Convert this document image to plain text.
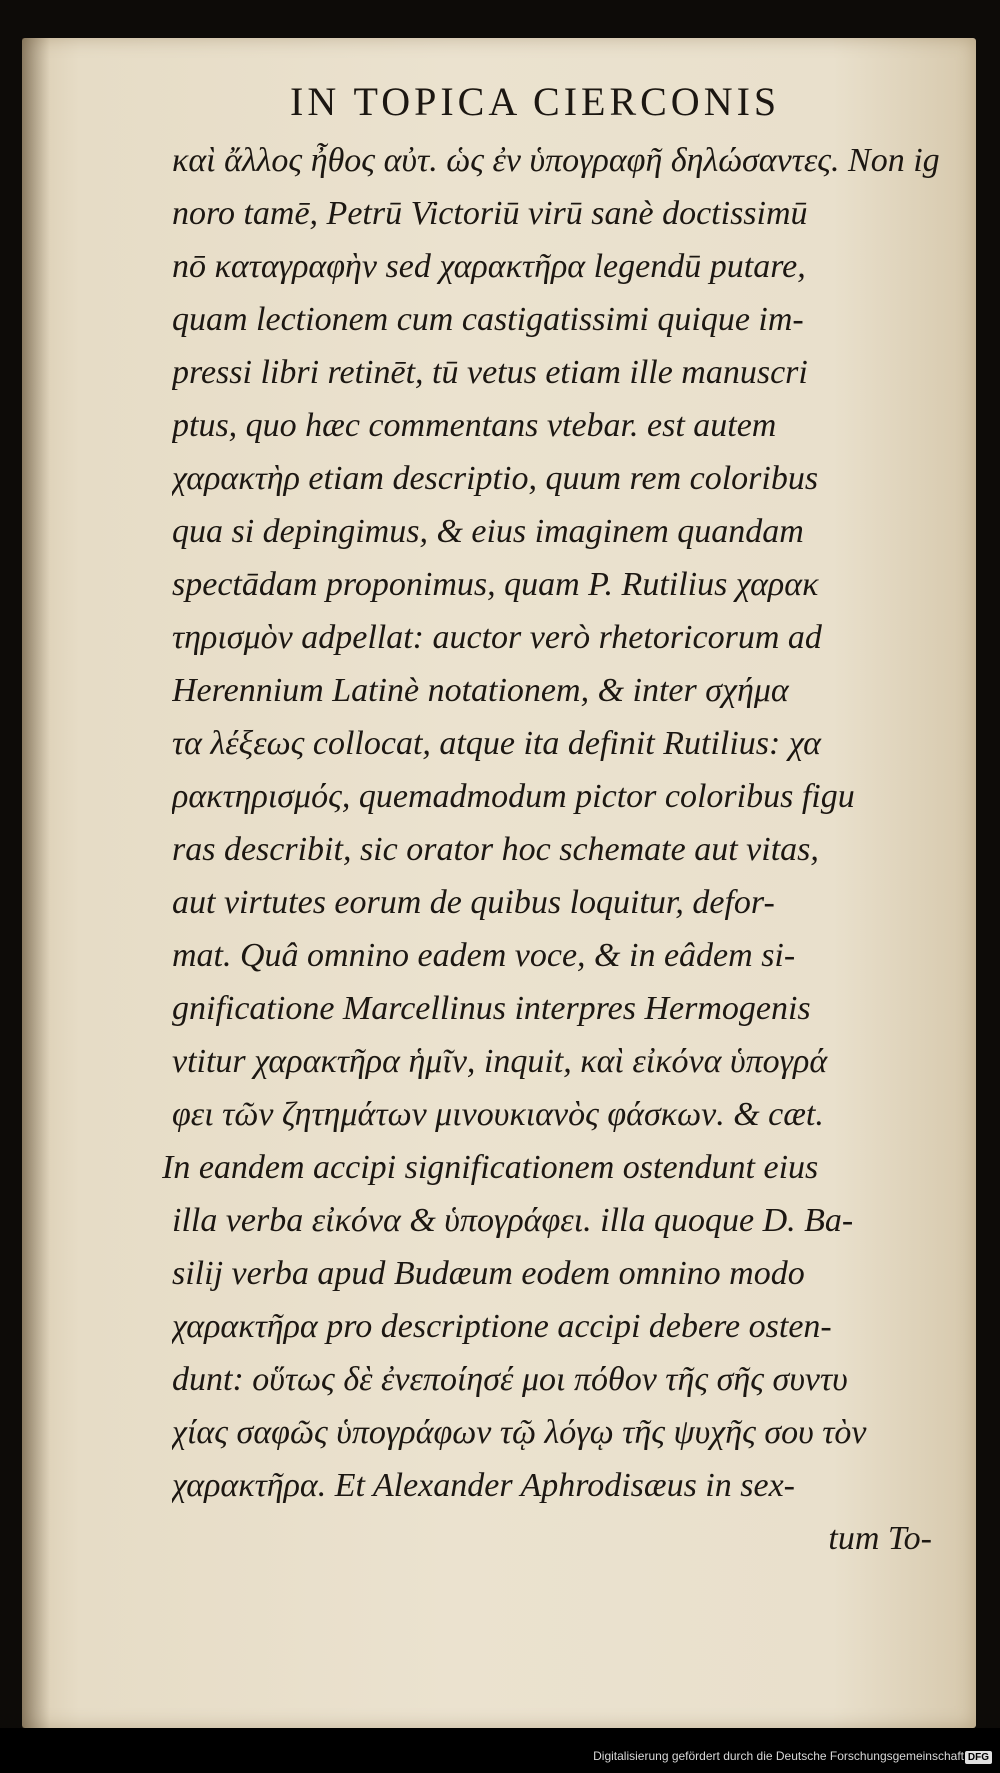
IN TOPICA CIERCONIS
καὶ ἄλλος ἦθος αὐτ. ὡς ἐν ὑπογραφῆ δηλώσαντες. Non ig
noro tamē, Petrū Victoriū virū sanè doctissimū
nō καταγραφὴν sed χαρακτῆρα legendū putare,
quam lectionem cum castigatissimi quique im-
pressi libri retinēt, tū vetus etiam ille manuscri
ptus, quo hæc commentans vtebar. est autem
χαρακτὴρ etiam descriptio, quum rem coloribus
qua si depingimus, & eius imaginem quandam
spectādam proponimus, quam P. Rutilius χαρακ
τηρισμὸν adpellat: auctor verò rhetoricorum ad
Herennium Latinè notationem, & inter σχήμα
τα λέξεως collocat, atque ita definit Rutilius: χα
ρακτηρισμός, quemadmodum pictor coloribus figu
ras describit, sic orator hoc schemate aut vitas,
aut virtutes eorum de quibus loquitur, defor-
mat. Quâ omnino eadem voce, & in eâdem si-
gnificatione Marcellinus interpres Hermogenis
vtitur χαρακτῆρα ἡμῖν, inquit, καὶ εἰκόνα ὑπογρά
φει τῶν ζητημάτων μινουκιανὸς φάσκων. & cæt.
In eandem accipi significationem ostendunt eius
illa verba εἰκόνα & ὑπογράφει. illa quoque D. Ba-
silij verba apud Budæum eodem omnino modo
χαρακτῆρα pro descriptione accipi debere osten-
dunt: οὕτως δὲ ἐνεποίησέ μοι πόθον τῆς σῆς συντυ
χίας σαφῶς ὑπογράφων τῷ λόγῳ τῆς ψυχῆς σου τὸν
χαρακτῆρα. Et Alexander Aphrodisæus in sex-
tum To-
Digitalisierung gefördert durch die Deutsche Forschungsgemeinschaft DFG
